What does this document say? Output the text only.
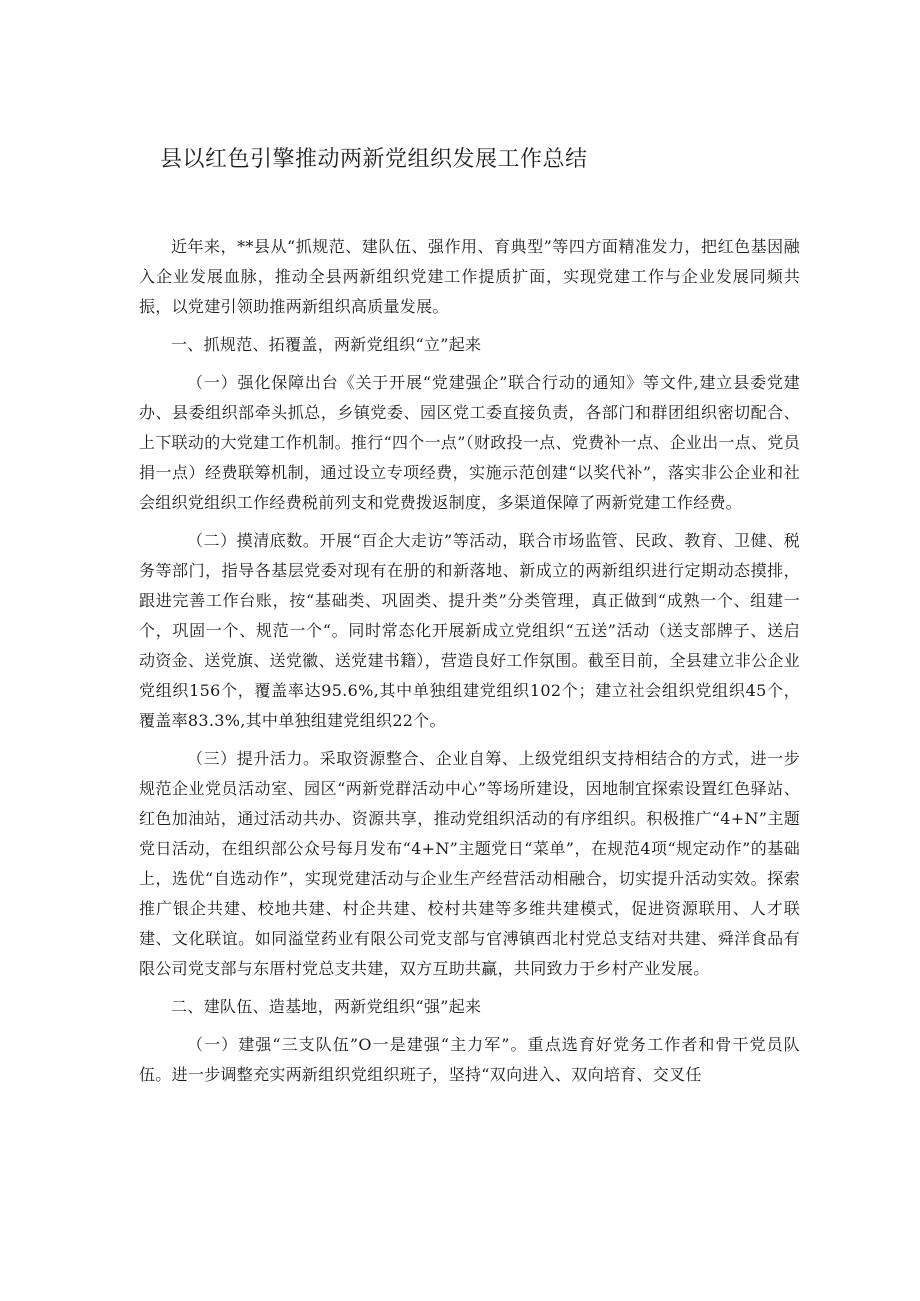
县以红色引擎推动两新党组织发展工作总结

近年来，**县从“抓规范、建队伍、强作用、育典型”等四方面精准发力，把红色基因融入企业发展血脉，推动全县两新组织党建工作提质扩面，实现党建工作与企业发展同频共振，以党建引领助推两新组织高质量发展。

一、抓规范、拓覆盖，两新党组织“立”起来

（一）强化保障出台《关于开展“党建强企”联合行动的通知》等文件,建立县委党建办、县委组织部牵头抓总，乡镇党委、园区党工委直接负责，各部门和群团组织密切配合、上下联动的大党建工作机制。推行“四个一点”（财政投一点、党费补一点、企业出一点、党员捐一点）经费联筹机制，通过设立专项经费，实施示范创建“以奖代补”，落实非公企业和社会组织党组织工作经费税前列支和党费拨返制度，多渠道保障了两新党建工作经费。

（二）摸清底数。开展“百企大走访”等活动，联合市场监管、民政、教育、卫健、税务等部门，指导各基层党委对现有在册的和新落地、新成立的两新组织进行定期动态摸排，跟进完善工作台账，按“基础类、巩固类、提升类”分类管理，真正做到“成熟一个、组建一个，巩固一个、规范一个“。同时常态化开展新成立党组织“五送”活动（送支部牌子、送启动资金、送党旗、送党徽、送党建书籍），营造良好工作氛围。截至目前，全县建立非公企业党组织156个，覆盖率达95.6%,其中单独组建党组织102个；建立社会组织党组织45个，覆盖率83.3%,其中单独组建党组织22个。

（三）提升活力。采取资源整合、企业自筹、上级党组织支持相结合的方式，进一步规范企业党员活动室、园区“两新党群活动中心”等场所建设，因地制宜探索设置红色驿站、红色加油站，通过活动共办、资源共享，推动党组织活动的有序组织。积极推广“4+N”主题党日活动，在组织部公众号每月发布“4+N”主题党日“菜单”，在规范4项“规定动作”的基础上，选优“自选动作”，实现党建活动与企业生产经营活动相融合，切实提升活动实效。探索推广银企共建、校地共建、村企共建、校村共建等多维共建模式，促进资源联用、人才联建、文化联谊。如同溢堂药业有限公司党支部与官溥镇西北村党总支结对共建、舜洋食品有限公司党支部与东厝村党总支共建，双方互助共赢，共同致力于乡村产业发展。

二、建队伍、造基地，两新党组织“强”起来

（一）建强“三支队伍”O一是建强“主力军”。重点选育好党务工作者和骨干党员队伍。进一步调整充实两新组织党组织班子，坚持“双向进入、双向培育、交叉任
